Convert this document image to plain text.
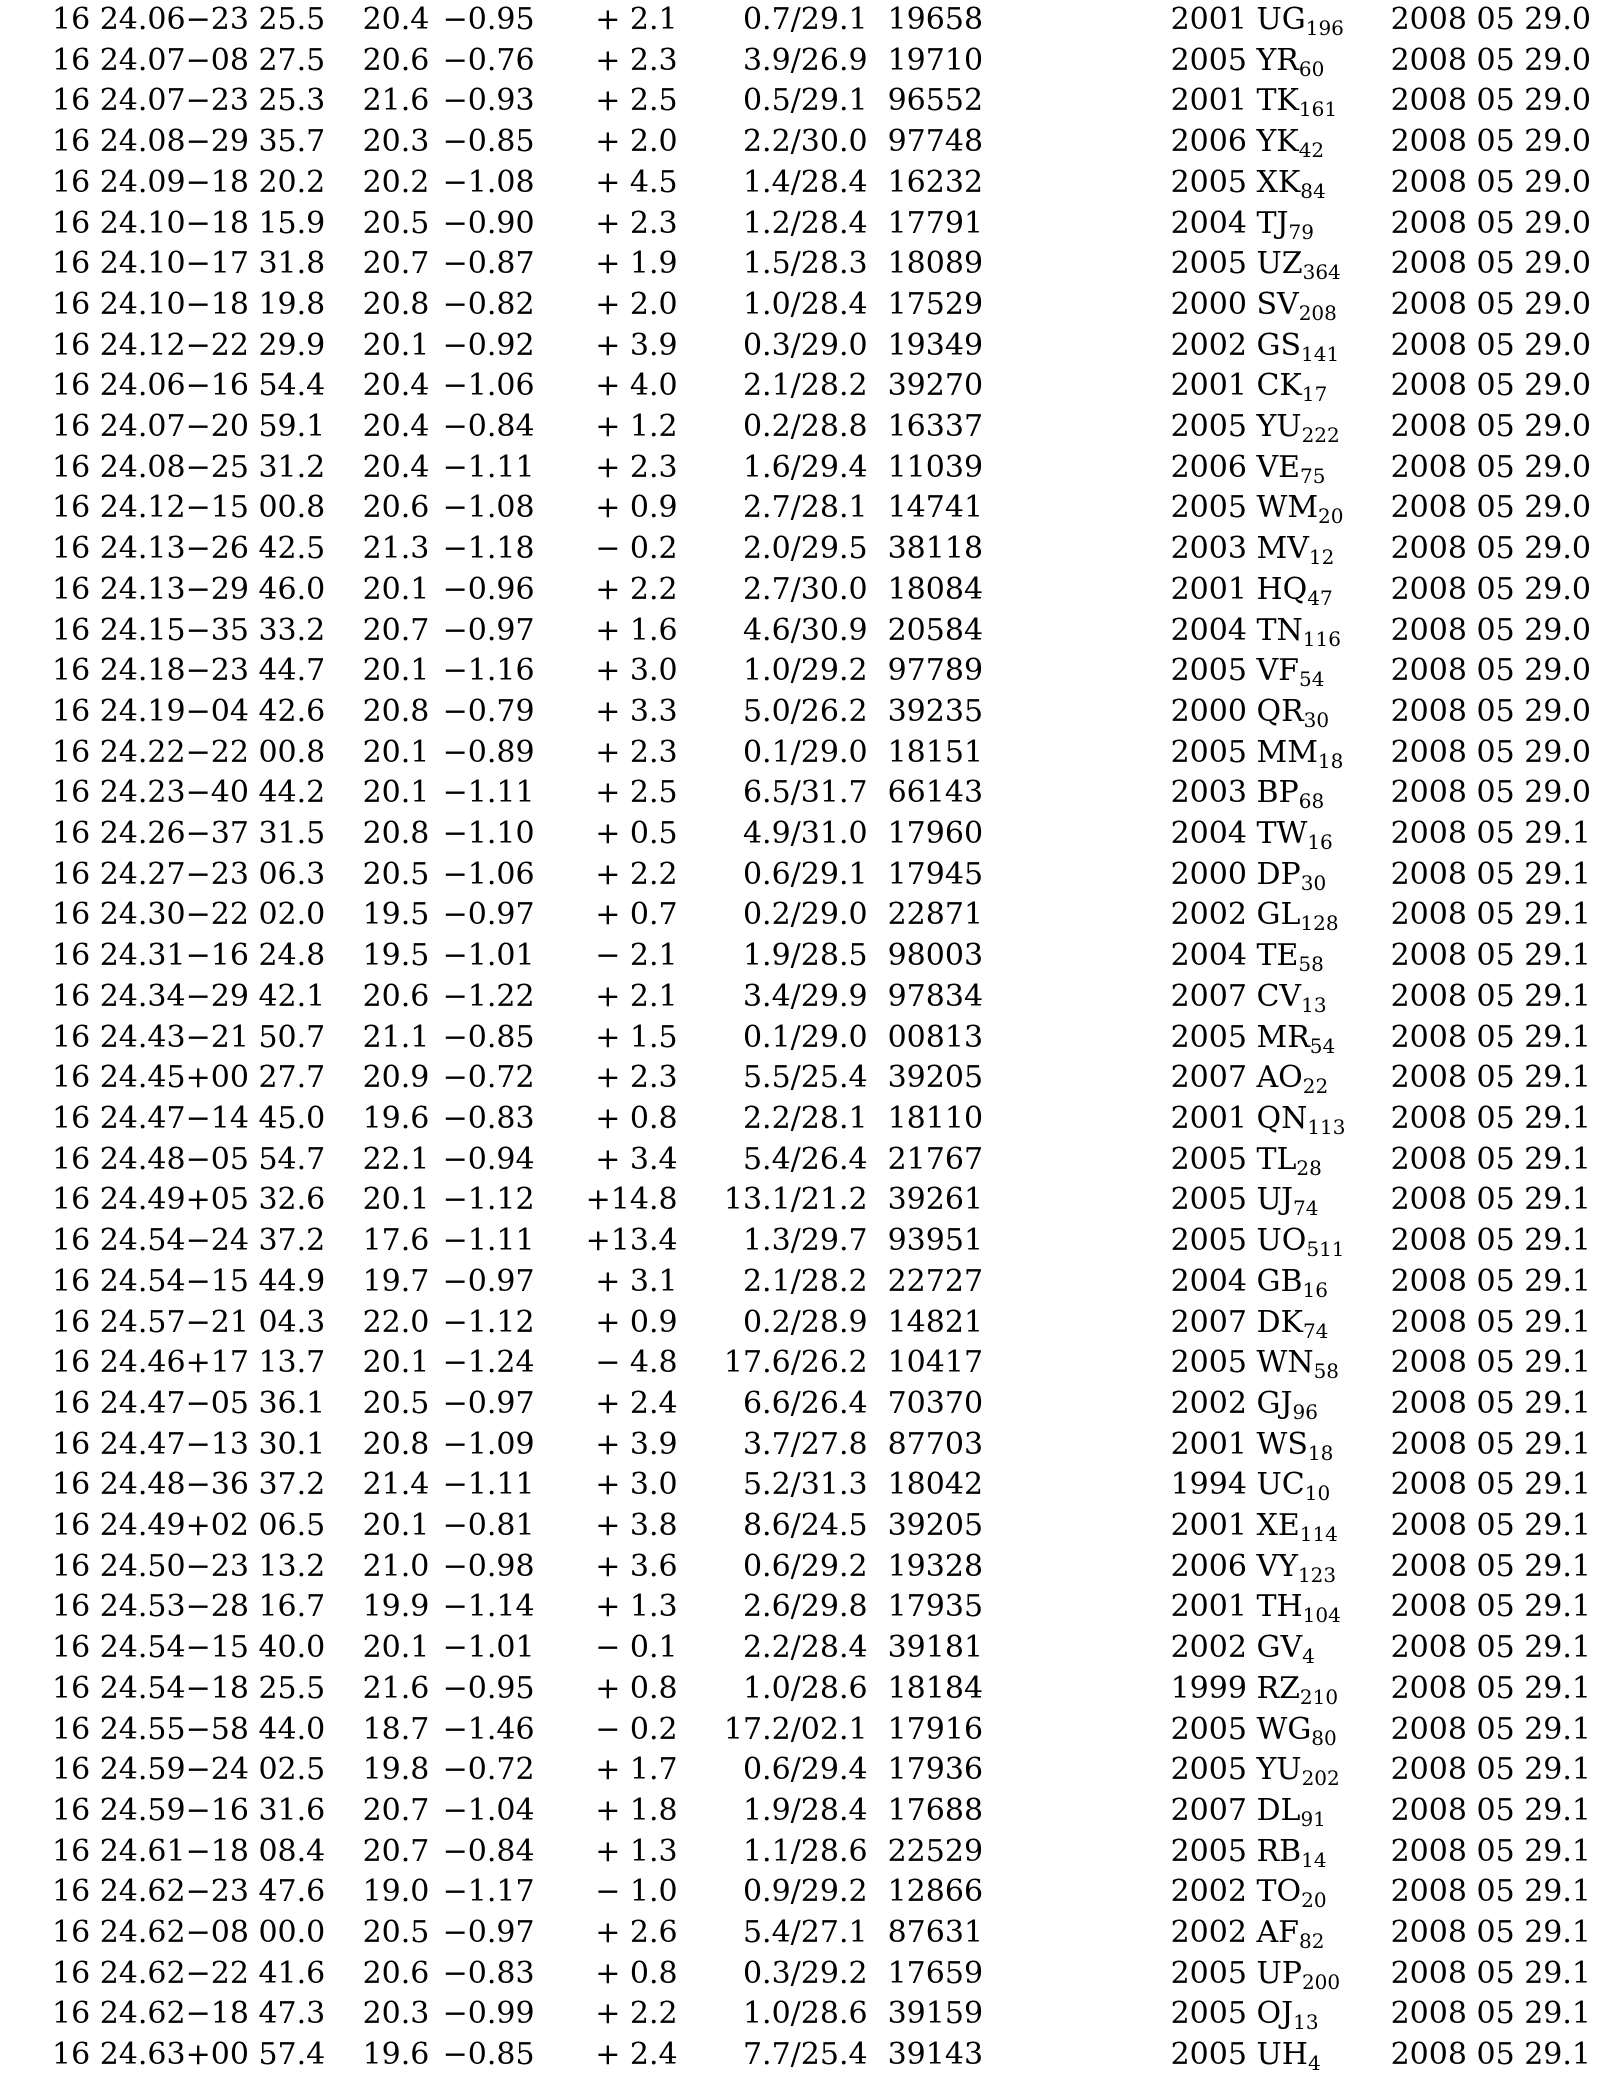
16 24.06	−23 25.5	20.4	−0.95	+ 2.1	0.7/29.1	19658	2001 $UG_{196}$	2008 05 29.0
16 24.07	−08 27.5	20.6	−0.76	+ 2.3	3.9/26.9	19710	2005 $YR_{60}$	2008 05 29.0
16 24.07	−23 25.3	21.6	−0.93	+ 2.5	0.5/29.1	96552	2001 $TK_{161}$	2008 05 29.0
16 24.08	−29 35.7	20.3	−0.85	+ 2.0	2.2/30.0	97748	2006 $YK_{42}$	2008 05 29.0
16 24.09	−18 20.2	20.2	−1.08	+ 4.5	1.4/28.4	16232	2005 $XK_{84}$	2008 05 29.0
16 24.10	−18 15.9	20.5	−0.90	+ 2.3	1.2/28.4	17791	2004 $TJ_{79}$	2008 05 29.0
16 24.10	−17 31.8	20.7	−0.87	+ 1.9	1.5/28.3	18089	2005 $UZ_{364}$	2008 05 29.0
16 24.10	−18 19.8	20.8	−0.82	+ 2.0	1.0/28.4	17529	2000 $SV_{208}$	2008 05 29.0
16 24.12	−22 29.9	20.1	−0.92	+ 3.9	0.3/29.0	19349	2002 $GS_{141}$	2008 05 29.0
16 24.06	−16 54.4	20.4	−1.06	+ 4.0	2.1/28.2	39270	2001 $CK_{17}$	2008 05 29.0
16 24.07	−20 59.1	20.4	−0.84	+ 1.2	0.2/28.8	16337	2005 $YU_{222}$	2008 05 29.0
16 24.08	−25 31.2	20.4	−1.11	+ 2.3	1.6/29.4	11039	2006 $VE_{75}$	2008 05 29.0
16 24.12	−15 00.8	20.6	−1.08	+ 0.9	2.7/28.1	14741	2005 $WM_{20}$	2008 05 29.0
16 24.13	−26 42.5	21.3	−1.18	− 0.2	2.0/29.5	38118	2003 $MV_{12}$	2008 05 29.0
16 24.13	−29 46.0	20.1	−0.96	+ 2.2	2.7/30.0	18084	2001 $HQ_{47}$	2008 05 29.0
16 24.15	−35 33.2	20.7	−0.97	+ 1.6	4.6/30.9	20584	2004 $TN_{116}$	2008 05 29.0
16 24.18	−23 44.7	20.1	−1.16	+ 3.0	1.0/29.2	97789	2005 $VF_{54}$	2008 05 29.0
16 24.19	−04 42.6	20.8	−0.79	+ 3.3	5.0/26.2	39235	2000 $QR_{30}$	2008 05 29.0
16 24.22	−22 00.8	20.1	−0.89	+ 2.3	0.1/29.0	18151	2005 $MM_{18}$	2008 05 29.0
16 24.23	−40 44.2	20.1	−1.11	+ 2.5	6.5/31.7	66143	2003 $BP_{68}$	2008 05 29.0
16 24.26	−37 31.5	20.8	−1.10	+ 0.5	4.9/31.0	17960	2004 $TW_{16}$	2008 05 29.1
16 24.27	−23 06.3	20.5	−1.06	+ 2.2	0.6/29.1	17945	2000 $DP_{30}$	2008 05 29.1
16 24.30	−22 02.0	19.5	−0.97	+ 0.7	0.2/29.0	22871	2002 $GL_{128}$	2008 05 29.1
16 24.31	−16 24.8	19.5	−1.01	− 2.1	1.9/28.5	98003	2004 $TE_{58}$	2008 05 29.1
16 24.34	−29 42.1	20.6	−1.22	+ 2.1	3.4/29.9	97834	2007 $CV_{13}$	2008 05 29.1
16 24.43	−21 50.7	21.1	−0.85	+ 1.5	0.1/29.0	00813	2005 $MR_{54}$	2008 05 29.1
16 24.45	+00 27.7	20.9	−0.72	+ 2.3	5.5/25.4	39205	2007 $AO_{22}$	2008 05 29.1
16 24.47	−14 45.0	19.6	−0.83	+ 0.8	2.2/28.1	18110	2001 $QN_{113}$	2008 05 29.1
16 24.48	−05 54.7	22.1	−0.94	+ 3.4	5.4/26.4	21767	2005 $TL_{28}$	2008 05 29.1
16 24.49	+05 32.6	20.1	−1.12	+14.8	13.1/21.2	39261	2005 $UJ_{74}$	2008 05 29.1
16 24.54	−24 37.2	17.6	−1.11	+13.4	1.3/29.7	93951	2005 $UO_{511}$	2008 05 29.1
16 24.54	−15 44.9	19.7	−0.97	+ 3.1	2.1/28.2	22727	2004 $GB_{16}$	2008 05 29.1
16 24.57	−21 04.3	22.0	−1.12	+ 0.9	0.2/28.9	14821	2007 $DK_{74}$	2008 05 29.1
16 24.46	+17 13.7	20.1	−1.24	− 4.8	17.6/26.2	10417	2005 $WN_{58}$	2008 05 29.1
16 24.47	−05 36.1	20.5	−0.97	+ 2.4	6.6/26.4	70370	2002 $GJ_{96}$	2008 05 29.1
16 24.47	−13 30.1	20.8	−1.09	+ 3.9	3.7/27.8	87703	2001 $WS_{18}$	2008 05 29.1
16 24.48	−36 37.2	21.4	−1.11	+ 3.0	5.2/31.3	18042	1994 $UC_{10}$	2008 05 29.1
16 24.49	+02 06.5	20.1	−0.81	+ 3.8	8.6/24.5	39205	2001 $XE_{114}$	2008 05 29.1
16 24.50	−23 13.2	21.0	−0.98	+ 3.6	0.6/29.2	19328	2006 $VY_{123}$	2008 05 29.1
16 24.53	−28 16.7	19.9	−1.14	+ 1.3	2.6/29.8	17935	2001 $TH_{104}$	2008 05 29.1
16 24.54	−15 40.0	20.1	−1.01	− 0.1	2.2/28.4	39181	2002 $GV_4$	2008 05 29.1
16 24.54	−18 25.5	21.6	−0.95	+ 0.8	1.0/28.6	18184	1999 $RZ_{210}$	2008 05 29.1
16 24.55	−58 44.0	18.7	−1.46	− 0.2	17.2/02.1	17916	2005 $WG_{80}$	2008 05 29.1
16 24.59	−24 02.5	19.8	−0.72	+ 1.7	0.6/29.4	17936	2005 $YU_{202}$	2008 05 29.1
16 24.59	−16 31.6	20.7	−1.04	+ 1.8	1.9/28.4	17688	2007 $DL_{91}$	2008 05 29.1
16 24.61	−18 08.4	20.7	−0.84	+ 1.3	1.1/28.6	22529	2005 $RB_{14}$	2008 05 29.1
16 24.62	−23 47.6	19.0	−1.17	− 1.0	0.9/29.2	12866	2002 $TO_{20}$	2008 05 29.1
16 24.62	−08 00.0	20.5	−0.97	+ 2.6	5.4/27.1	87631	2002 $AF_{82}$	2008 05 29.1
16 24.62	−22 41.6	20.6	−0.83	+ 0.8	0.3/29.2	17659	2005 $UP_{200}$	2008 05 29.1
16 24.62	−18 47.3	20.3	−0.99	+ 2.2	1.0/28.6	39159	2005 $OJ_{13}$	2008 05 29.1
16 24.63	+00 57.4	19.6	−0.85	+ 2.4	7.7/25.4	39143	2005 $UH_4$	2008 05 29.1
